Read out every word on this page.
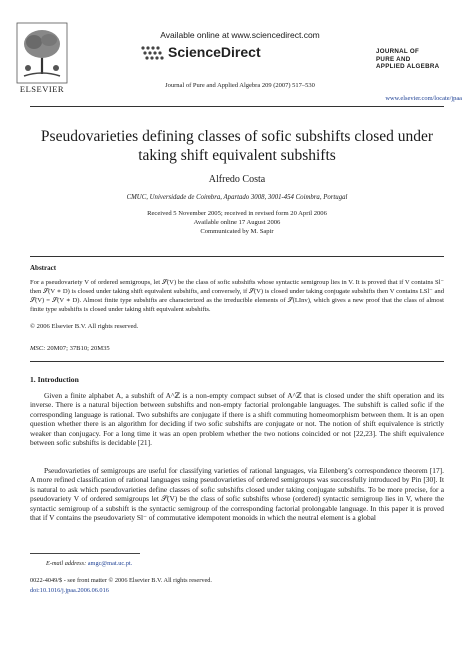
ELSEVIER
Available online at www.sciencedirect.com
ScienceDirect
Journal of Pure and Applied Algebra 209 (2007) 517–530
JOURNAL OF
PURE AND
APPLIED ALGEBRA
www.elsevier.com/locate/jpaa
Pseudovarieties defining classes of sofic subshifts closed under taking shift equivalent subshifts
Alfredo Costa
CMUC, Universidade de Coimbra, Apartado 3008, 3001-454 Coimbra, Portugal
Received 5 November 2005; received in revised form 20 April 2006
Available online 17 August 2006
Communicated by M. Sapir
Abstract
For a pseudovariety V of ordered semigroups, let 𝒮(V) be the class of sofic subshifts whose syntactic semigroup lies in V. It is proved that if V contains Sl⁻ then 𝒮(V ∗ D) is closed under taking shift equivalent subshifts, and conversely, if 𝒮(V) is closed under taking conjugate subshifts then V contains LSl⁻ and 𝒮(V) = 𝒮(V ∗ D). Almost finite type subshifts are characterized as the irreducible elements of 𝒮(LInv), which gives a new proof that the class of almost finite type subshifts is closed under taking shift equivalent subshifts.
© 2006 Elsevier B.V. All rights reserved.
MSC: 20M07; 37B10; 20M35
1. Introduction
Given a finite alphabet A, a subshift of A^ℤ is a non-empty compact subset of A^ℤ that is closed under the shift operation and its inverse. There is a natural bijection between subshifts and non-empty factorial prolongable languages. The subshift is called sofic if the corresponding language is rational. Two subshifts are conjugate if there is a shift commuting homeomorphism between them. It is an open question whether there is an algorithm for deciding if two sofic subshifts are conjugate or not. The notion of shift equivalence is strictly weaker than conjugacy. For a long time it was an open problem whether the two notions coincided or not [22,23]. The shift equivalence between sofic subshifts is decidable [21].
Pseudovarieties of semigroups are useful for classifying varieties of rational languages, via Eilenberg’s correspondence theorem [17]. A more refined classification of rational languages using pseudovarieties of ordered semigroups was successfully introduced by Pin [30]. It is natural to ask which pseudovarieties define classes of sofic subshifts closed under taking conjugate subshifts. To be more precise, for a pseudovariety V of ordered semigroups let 𝒮(V) be the class of sofic subshifts whose (ordered) syntactic semigroup lies in V, where the syntactic semigroup of a subshift is the syntactic semigroup of the corresponding factorial prolongable language. In this paper it is proved that if V contains the pseudovariety Sl⁻ of commutative idempotent monoids in which the neutral element is a global
E-mail address: amgc@mat.uc.pt.
0022-4049/$ - see front matter © 2006 Elsevier B.V. All rights reserved.
doi:10.1016/j.jpaa.2006.06.016
